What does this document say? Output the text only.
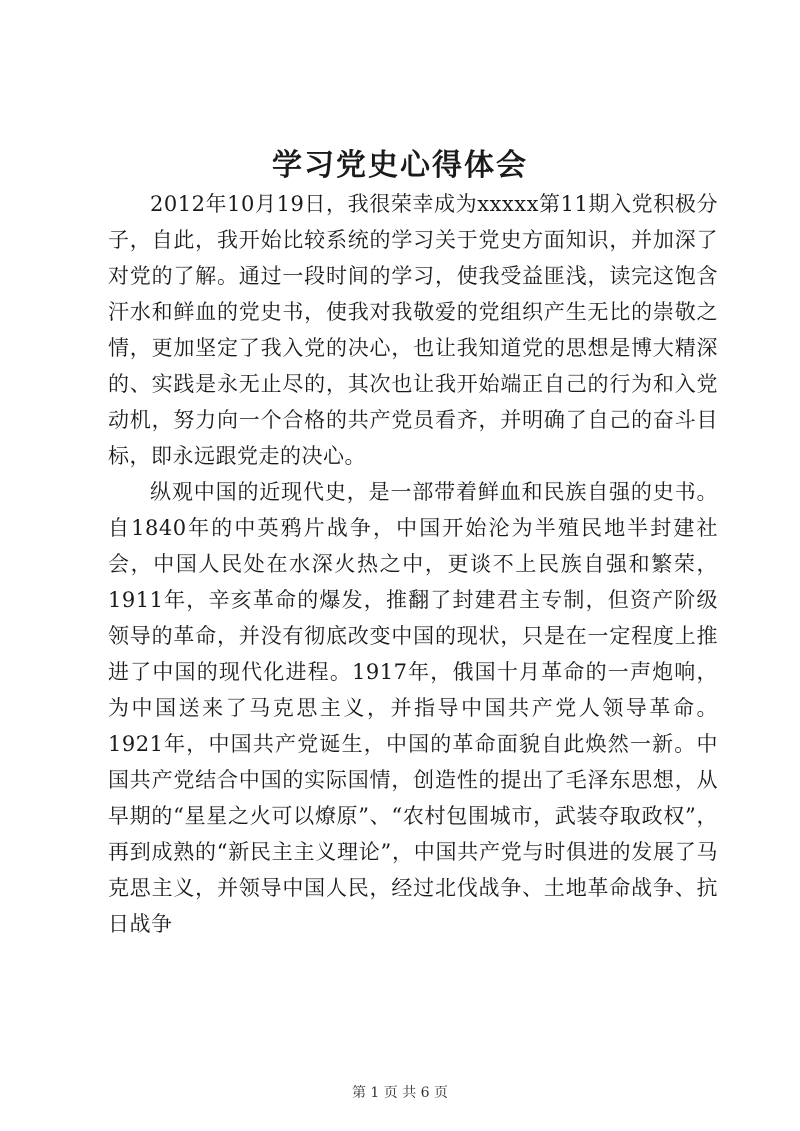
学习党史心得体会

2012年10月19日，我很荣幸成为xxxxx第11期入党积极分子，自此，我开始比较系统的学习关于党史方面知识，并加深了对党的了解。通过一段时间的学习，使我受益匪浅，读完这饱含汗水和鲜血的党史书，使我对我敬爱的党组织产生无比的崇敬之情，更加坚定了我入党的决心，也让我知道党的思想是博大精深的、实践是永无止尽的，其次也让我开始端正自己的行为和入党动机，努力向一个合格的共产党员看齐，并明确了自己的奋斗目标，即永远跟党走的决心。

纵观中国的近现代史，是一部带着鲜血和民族自强的史书。自1840年的中英鸦片战争，中国开始沦为半殖民地半封建社会，中国人民处在水深火热之中，更谈不上民族自强和繁荣，1911年，辛亥革命的爆发，推翻了封建君主专制，但资产阶级领导的革命，并没有彻底改变中国的现状，只是在一定程度上推进了中国的现代化进程。1917年，俄国十月革命的一声炮响，为中国送来了马克思主义，并指导中国共产党人领导革命。1921年，中国共产党诞生，中国的革命面貌自此焕然一新。中国共产党结合中国的实际国情，创造性的提出了毛泽东思想，从早期的“星星之火可以燎原”、“农村包围城市，武装夺取政权”，再到成熟的“新民主主义理论”，中国共产党与时俱进的发展了马克思主义，并领导中国人民，经过北伐战争、土地革命战争、抗日战争

第 1 页 共 6 页
